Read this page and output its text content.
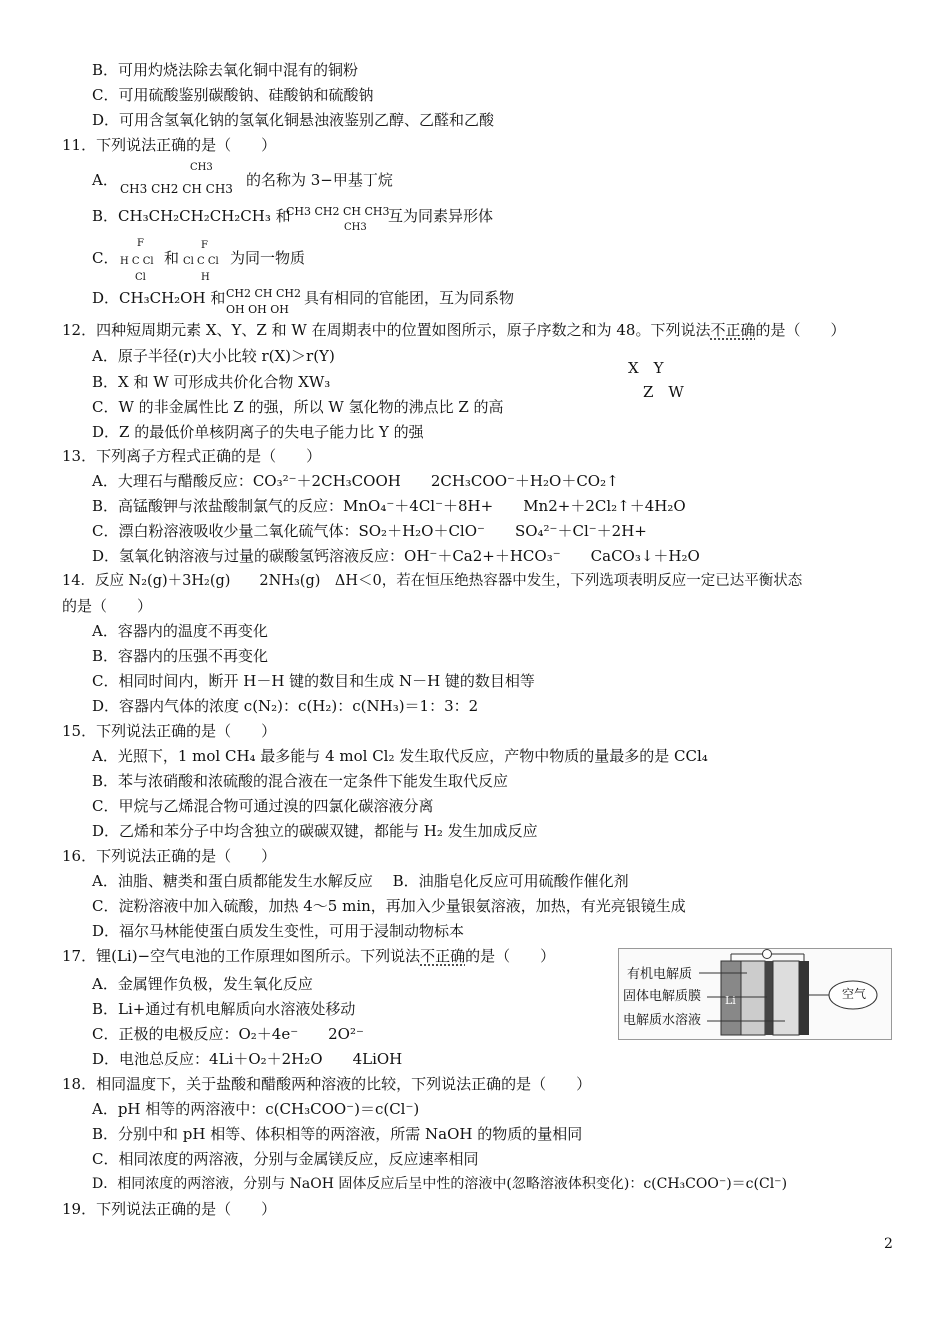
B．可用灼烧法除去氧化铜中混有的铜粉
C．可用硫酸鉴别碳酸钠、硅酸钠和硫酸钠
D．可用含氢氧化钠的氢氧化铜悬浊液鉴别乙醇、乙醛和乙酸
11．下列说法正确的是（　　）
A．
CH3
CH3 CH2 CH CH3 的名称为 3−甲基丁烷
B．CH₃CH₂CH₂CH₂CH₃ 和
CH3 CH2 CH CH3
CH3
互为同素异形体
C．
F
H C Cl
Cl
和
F
Cl C Cl
H
为同一物质
D．CH₃CH₂OH 和 CH2 CH CH2
OH OH OH
具有相同的官能团，互为同系物
12．四种短周期元素 X、Y、Z 和 W 在周期表中的位置如图所示，原子序数之和为 48。下列说法不正确的是（　　）
A．原子半径(r)大小比较 r(X)＞r(Y)
B．X 和 W 可形成共价化合物 XW₃
C．W 的非金属性比 Z 的强，所以 W 氢化物的沸点比 Z 的高
D．Z 的最低价单核阴离子的失电子能力比 Y 的强
X　Y
　Z　W
13．下列离子方程式正确的是（　　）
A．大理石与醋酸反应：CO₃²⁻＋2CH₃COOH　　2CH₃COO⁻＋H₂O＋CO₂↑
B．高锰酸钾与浓盐酸制氯气的反应：MnO₄⁻＋4Cl⁻＋8H+　　Mn2+＋2Cl₂↑＋4H₂O
C．漂白粉溶液吸收少量二氧化硫气体：SO₂＋H₂O＋ClO⁻　　SO₄²⁻＋Cl⁻＋2H+
D．氢氧化钠溶液与过量的碳酸氢钙溶液反应：OH⁻＋Ca2+＋HCO₃⁻　　CaCO₃↓＋H₂O
14．反应 N₂(g)＋3H₂(g)　　2NH₃(g)　ΔH＜0，若在恒压绝热容器中发生，下列选项表明反应一定已达平衡状态
的是（　　）
A．容器内的温度不再变化
B．容器内的压强不再变化
C．相同时间内，断开 H－H 键的数目和生成 N－H 键的数目相等
D．容器内气体的浓度 c(N₂)：c(H₂)：c(NH₃)＝1：3：2
15．下列说法正确的是（　　）
A．光照下，1 mol CH₄ 最多能与 4 mol Cl₂ 发生取代反应，产物中物质的量最多的是 CCl₄
B．苯与浓硝酸和浓硫酸的混合液在一定条件下能发生取代反应
C．甲烷与乙烯混合物可通过溴的四氯化碳溶液分离
D．乙烯和苯分子中均含独立的碳碳双键，都能与 H₂ 发生加成反应
16．下列说法正确的是（　　）
A．油脂、糖类和蛋白质都能发生水解反应　 B．油脂皂化反应可用硫酸作催化剂
C．淀粉溶液中加入硫酸，加热 4～5 min，再加入少量银氨溶液，加热，有光亮银镜生成
D．福尔马林能使蛋白质发生变性，可用于浸制动物标本
17．锂(Li)−空气电池的工作原理如图所示。下列说法不正确的是（　　）
A．金属锂作负极，发生氧化反应
B．Li+通过有机电解质向水溶液处移动
C．正极的电极反应：O₂＋4e⁻　　2O²⁻
D．电池总反应：4Li＋O₂＋2H₂O　　4LiOH
有机电解质
固体电解质膜
电解质水溶液
Li	空气
18．相同温度下，关于盐酸和醋酸两种溶液的比较，下列说法正确的是（　　）
A．pH 相等的两溶液中：c(CH₃COO⁻)＝c(Cl⁻)
B．分别中和 pH 相等、体积相等的两溶液，所需 NaOH 的物质的量相同
C．相同浓度的两溶液，分别与金属镁反应，反应速率相同
D．相同浓度的两溶液，分别与 NaOH 固体反应后呈中性的溶液中(忽略溶液体积变化)：c(CH₃COO⁻)＝c(Cl⁻)
19．下列说法正确的是（　　）
2
